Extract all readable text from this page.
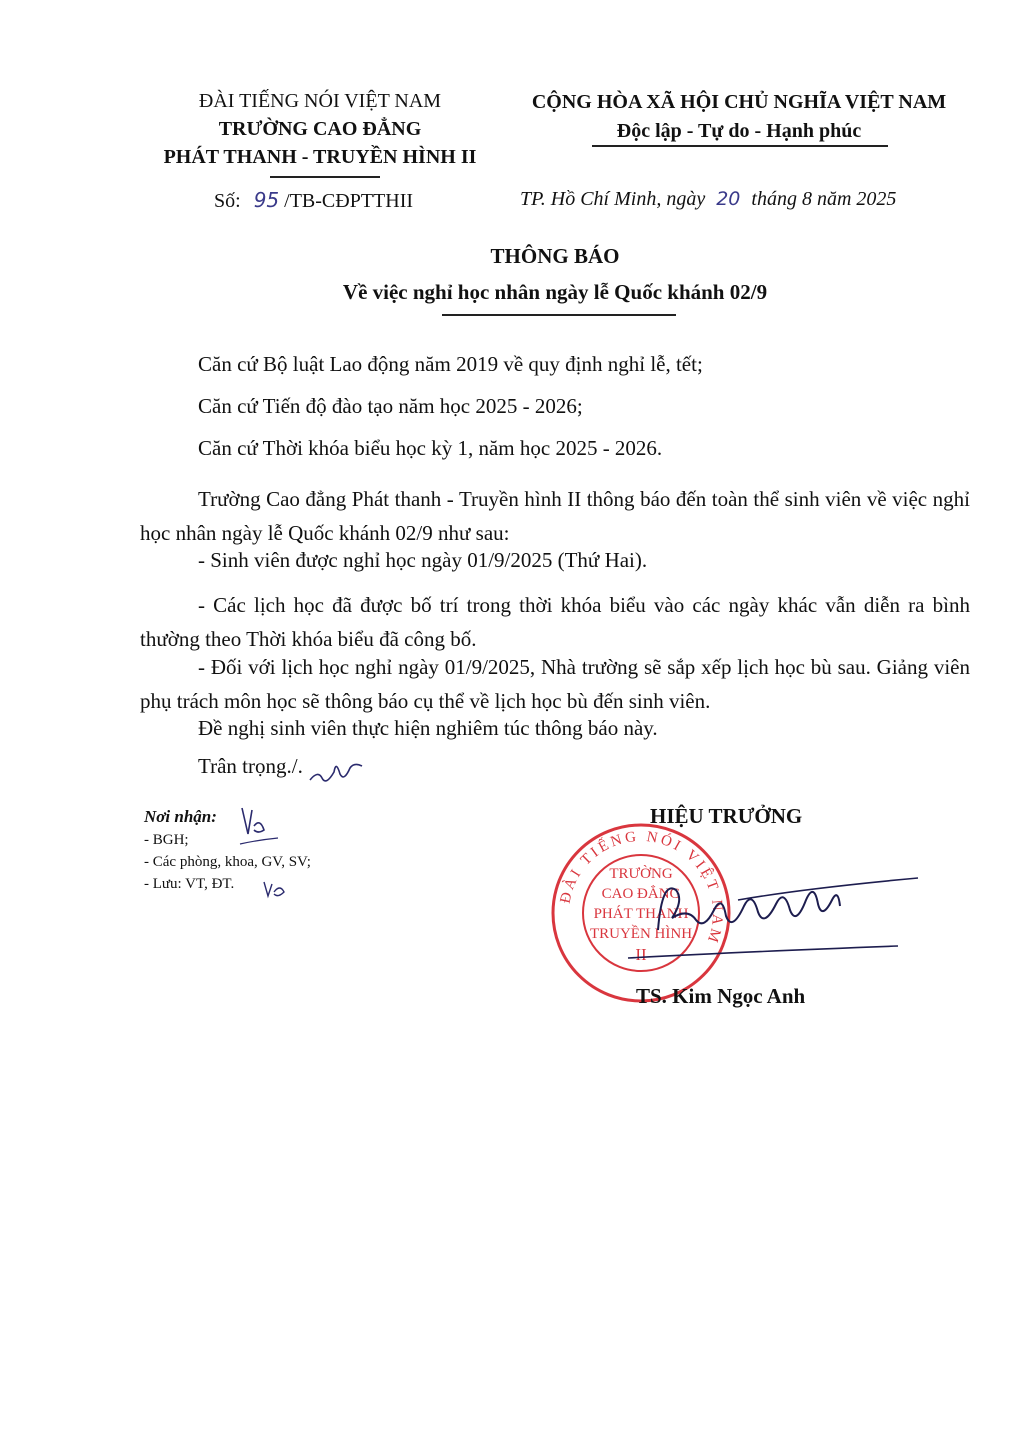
ĐÀI TIẾNG NÓI VIỆT NAM
TRƯỜNG CAO ĐẲNG
PHÁT THANH - TRUYỀN HÌNH II
CỘNG HÒA XÃ HỘI CHỦ NGHĨA VIỆT NAM
Độc lập - Tự do - Hạnh phúc
Số: 95 /TB-CĐPTTHII	TP. Hồ Chí Minh, ngày 20 tháng 8 năm 2025
THÔNG BÁO
Về việc nghỉ học nhân ngày lễ Quốc khánh 02/9
Căn cứ Bộ luật Lao động năm 2019 về quy định nghỉ lễ, tết;
Căn cứ Tiến độ đào tạo năm học 2025 - 2026;
Căn cứ Thời khóa biểu học kỳ 1, năm học 2025 - 2026.
Trường Cao đẳng Phát thanh - Truyền hình II thông báo đến toàn thể sinh viên về việc nghỉ học nhân ngày lễ Quốc khánh 02/9 như sau:
- Sinh viên được nghỉ học ngày 01/9/2025 (Thứ Hai).
- Các lịch học đã được bố trí trong thời khóa biểu vào các ngày khác vẫn diễn ra bình thường theo Thời khóa biểu đã công bố.
- Đối với lịch học nghỉ ngày 01/9/2025, Nhà trường sẽ sắp xếp lịch học bù sau. Giảng viên phụ trách môn học sẽ thông báo cụ thể về lịch học bù đến sinh viên.
Đề nghị sinh viên thực hiện nghiêm túc thông báo này.
Trân trọng./.
Nơi nhận:
- BGH;
- Các phòng, khoa, GV, SV;
- Lưu: VT, ĐT.
HIỆU TRƯỞNG
ĐÀI TIẾNG NÓI VIỆT NAM
TRƯỜNG
CAO ĐẲNG
PHÁT THANH
TRUYỀN HÌNH
II
TS. Kim Ngọc Anh
